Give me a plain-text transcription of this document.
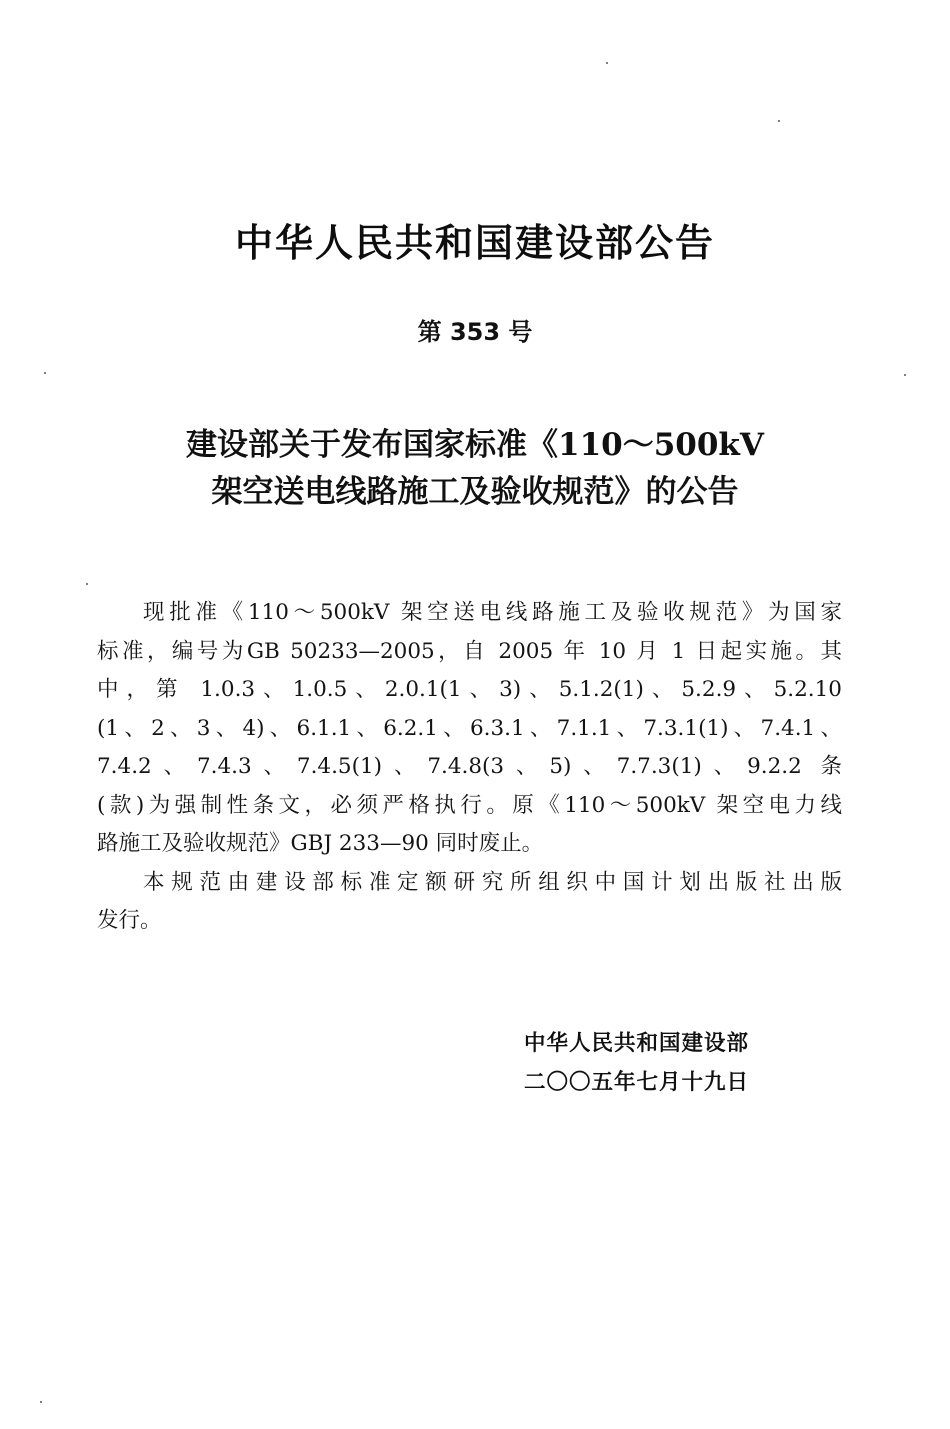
中华人民共和国建设部公告
第 353 号
建设部关于发布国家标准《110～500kV
架空送电线路施工及验收规范》的公告
现批准《110～500kV 架空送电线路施工及验收规范》为国家
标准，编号为GB 50233—2005，自 2005 年 10 月 1 日起实施。其
中，第 1.0.3、1.0.5、2.0.1(1、3)、5.1.2(1)、5.2.9、5.2.10
(1、2、3、4)、6.1.1、6.2.1、6.3.1、7.1.1、7.3.1(1)、7.4.1、
7.4.2、7.4.3、7.4.5(1)、7.4.8(3、5)、7.7.3(1)、9.2.2 条
(款)为强制性条文，必须严格执行。原《110～500kV 架空电力线
路施工及验收规范》GBJ 233—90 同时废止。
本规范由建设部标准定额研究所组织中国计划出版社出版
发行。
中华人民共和国建设部
二〇〇五年七月十九日
